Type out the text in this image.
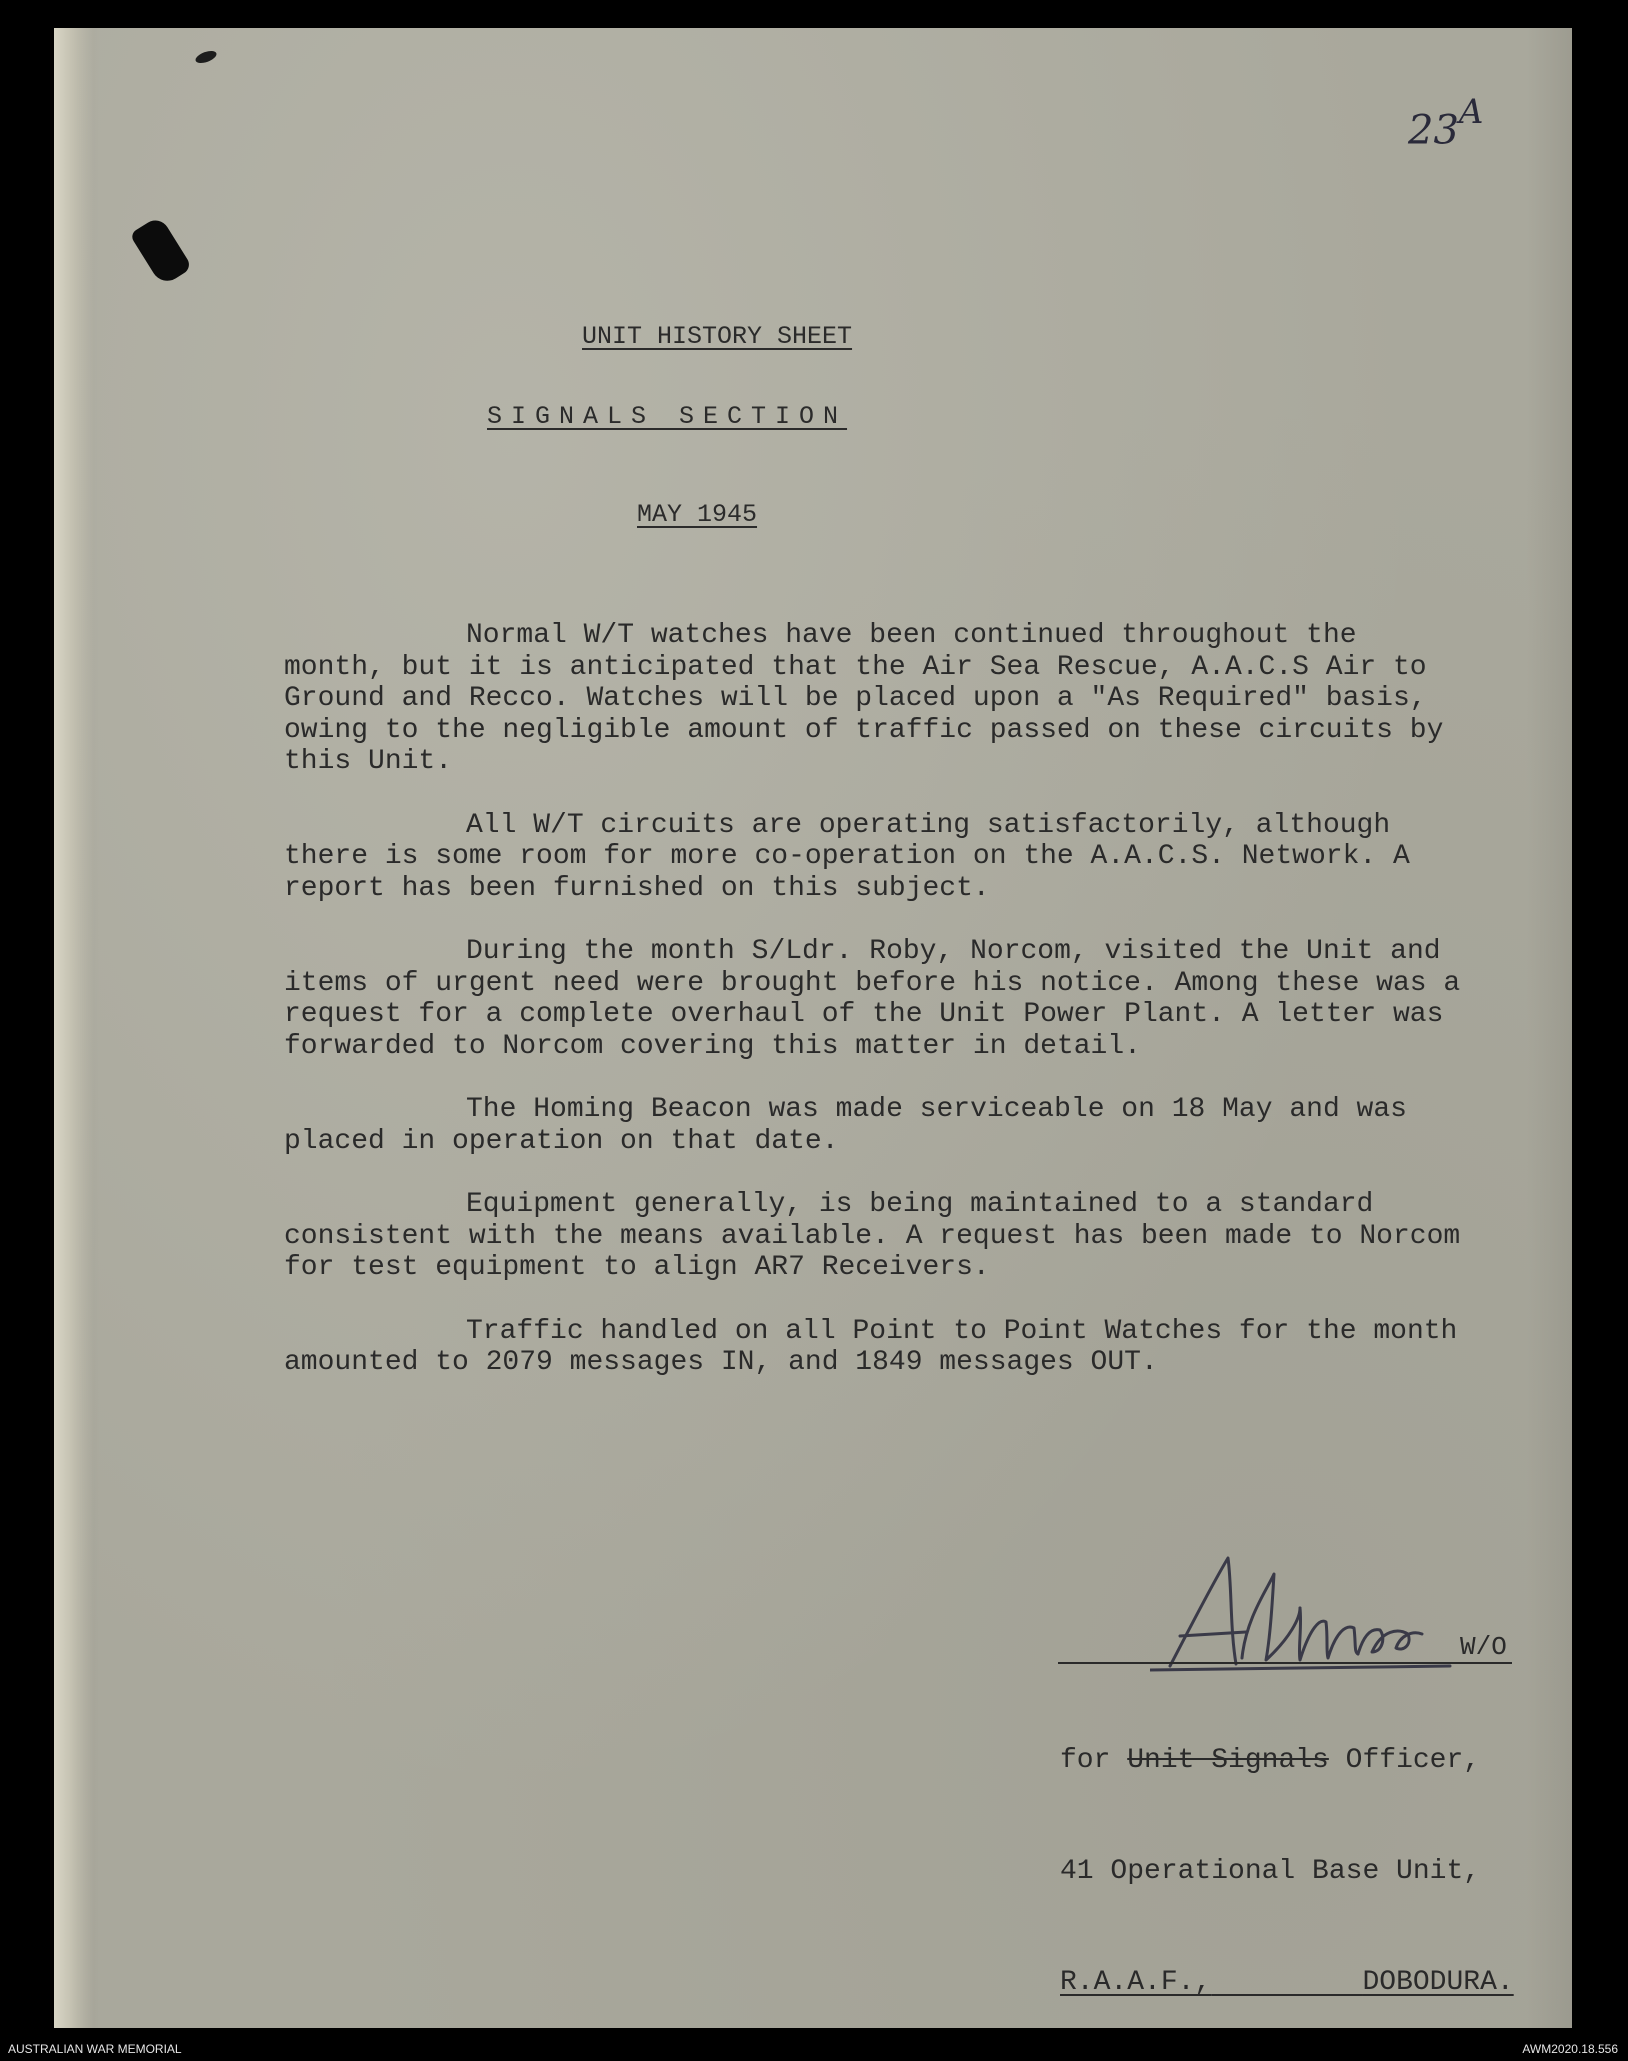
$23^A$
UNIT HISTORY SHEET
SIGNALS SECTION
MAY 1945

Normal W/T watches have been continued throughout the month, but it is anticipated that the Air Sea Rescue, A.A.C.S Air to Ground and Recco. Watches will be placed upon a "As Required" basis, owing to the negligible amount of traffic passed on these circuits by this Unit.

All W/T circuits are operating satisfactorily, although there is some room for more co-operation on the A.A.C.S. Network. A report has been furnished on this subject.

During the month S/Ldr. Roby, Norcom, visited the Unit and items of urgent need were brought before his notice. Among these was a request for a complete overhaul of the Unit Power Plant. A letter was forwarded to Norcom covering this matter in detail.

The Homing Beacon was made serviceable on 18 May and was placed in operation on that date.

Equipment generally, is being maintained to a standard consistent with the means available. A request has been made to Norcom for test equipment to align AR7 Receivers.

Traffic handled on all Point to Point Watches for the month amounted to 2079 messages IN, and 1849 messages OUT.

W/O

for Unit Signals Officer,

41 Operational Base Unit,

R.A.A.F.,	DOBODURA.

AUSTRALIAN WAR MEMORIAL	AWM2020.18.556
